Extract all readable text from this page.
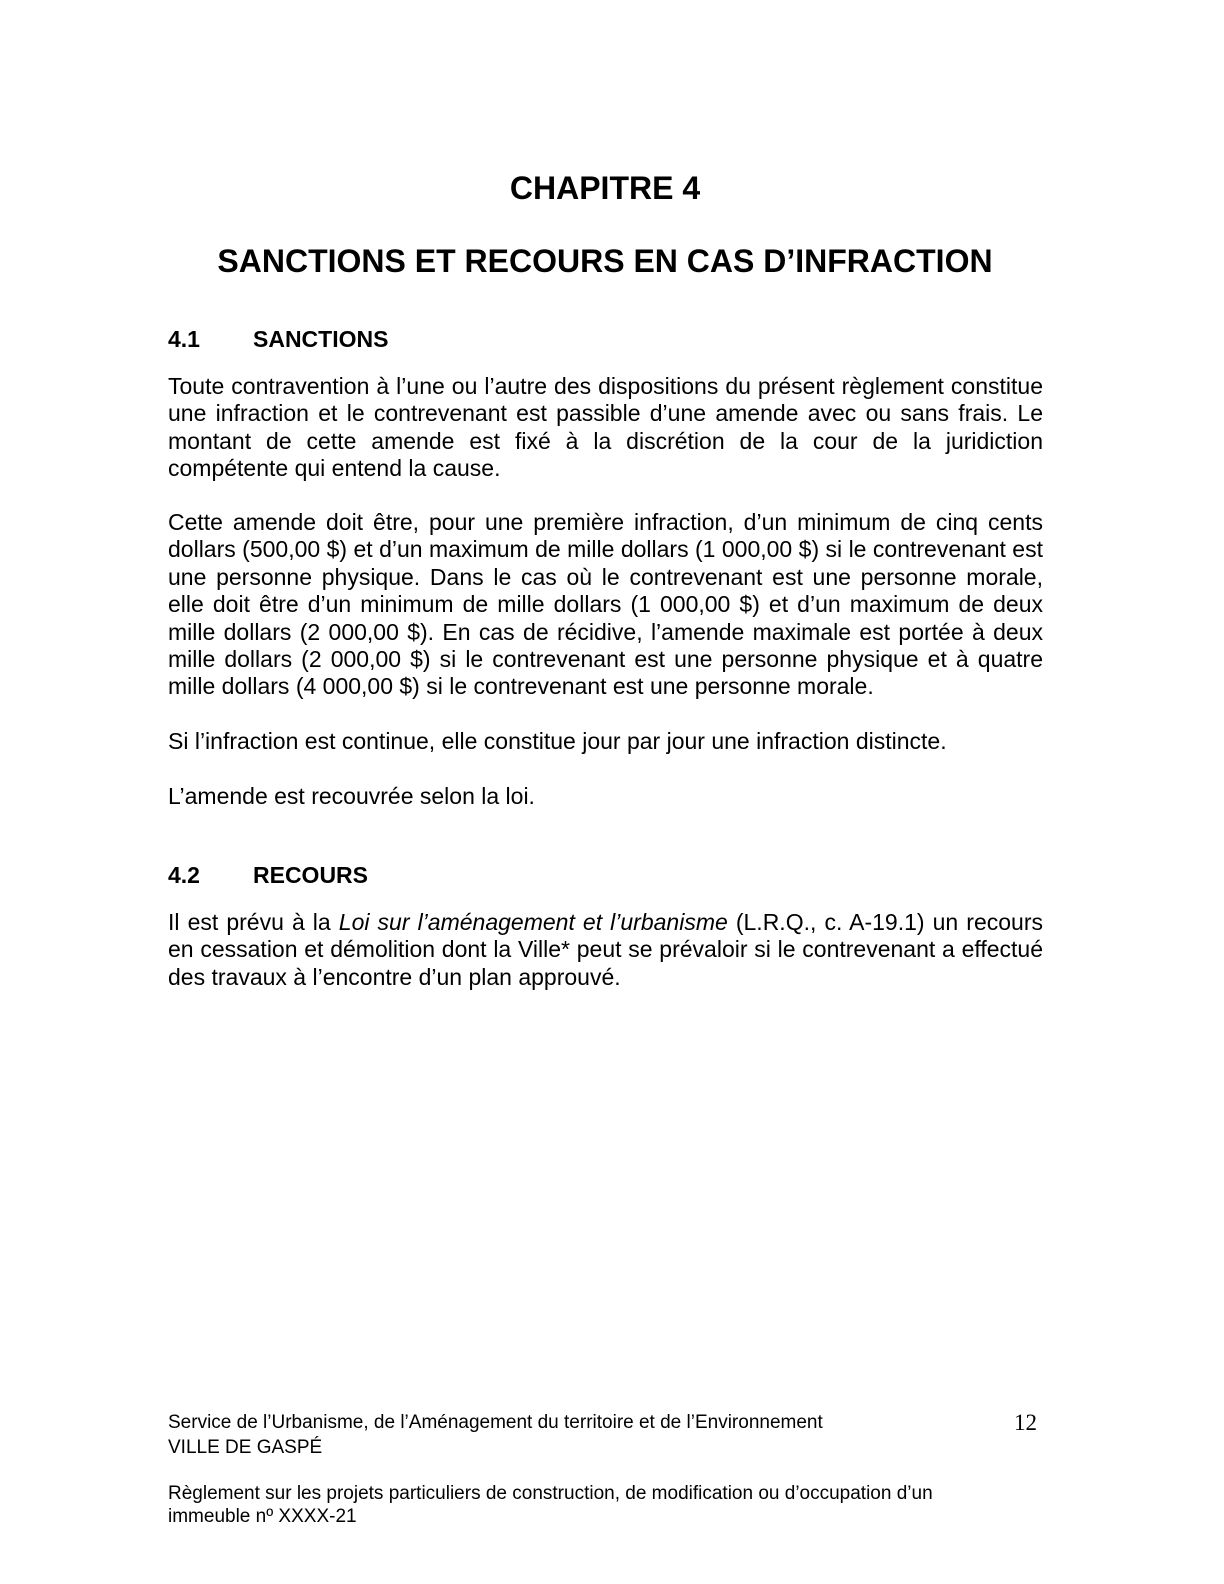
CHAPITRE 4
SANCTIONS ET RECOURS EN CAS D’INFRACTION
4.1 SANCTIONS

Toute contravention à l’une ou l’autre des dispositions du présent règlement constitue une infraction et le contrevenant est passible d’une amende avec ou sans frais. Le montant de cette amende est fixé à la discrétion de la cour de la juridiction compétente qui entend la cause.

Cette amende doit être, pour une première infraction, d’un minimum de cinq cents dollars (500,00 $) et d’un maximum de mille dollars (1 000,00 $) si le contrevenant est une personne physique. Dans le cas où le contrevenant est une personne morale, elle doit être d’un minimum de mille dollars (1 000,00 $) et d’un maximum de deux mille dollars (2 000,00 $). En cas de récidive, l’amende maximale est portée à deux mille dollars (2 000,00 $) si le contrevenant est une personne physique et à quatre mille dollars (4 000,00 $) si le contrevenant est une personne morale.

Si l’infraction est continue, elle constitue jour par jour une infraction distincte.

L’amende est recouvrée selon la loi.

4.2 RECOURS

Il est prévu à la Loi sur l’aménagement et l’urbanisme (L.R.Q., c. A-19.1) un recours en cessation et démolition dont la Ville* peut se prévaloir si le contrevenant a effectué des travaux à l’encontre d’un plan approuvé.

Service de l’Urbanisme, de l’Aménagement du territoire et de l’Environnement

VILLE DE GASPÉ

12

Règlement sur les projets particuliers de construction, de modification ou d’occupation d’un

immeuble nº XXXX-21
